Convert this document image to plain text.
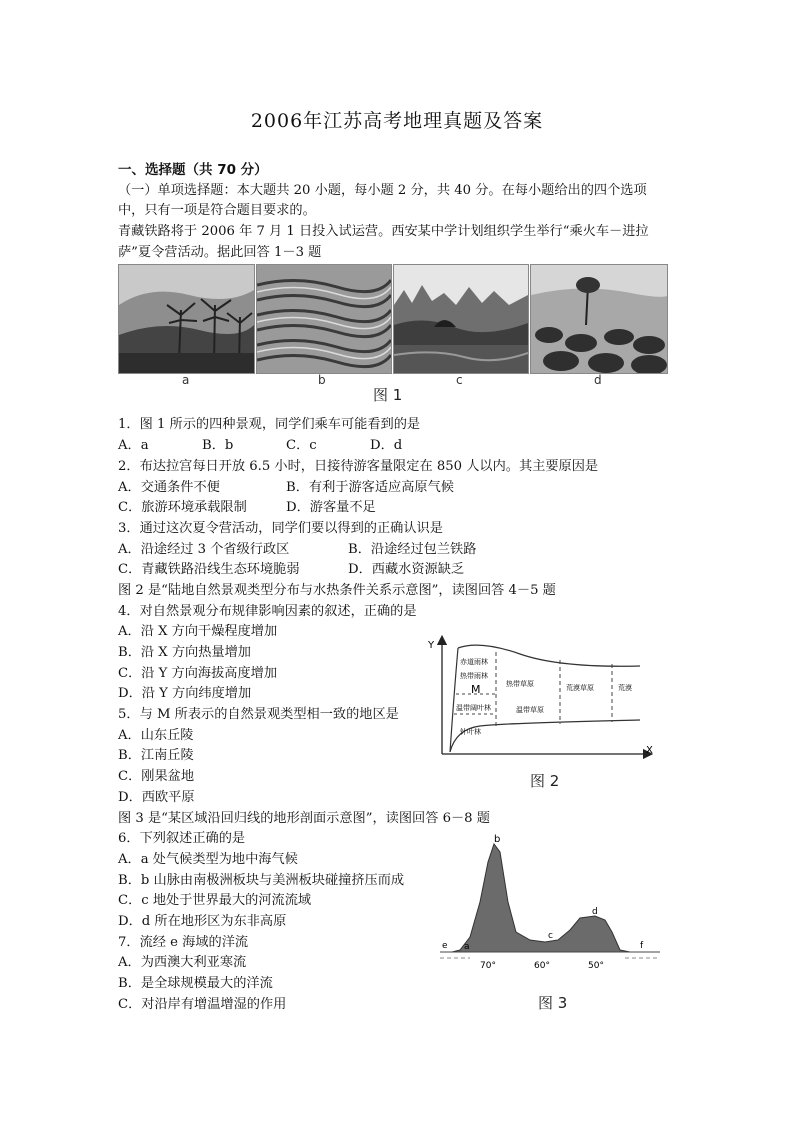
2006年江苏高考地理真题及答案
一、选择题（共 70 分）
（一）单项选择题：本大题共 20 小题，每小题 2 分，共 40 分。在每小题给出的四个选项
中，只有一项是符合题目要求的。
青藏铁路将于 2006 年 7 月 1 日投入试运营。西安某中学计划组织学生举行“乘火车－进拉
萨”夏令营活动。据此回答 1－3 题
1．图 1 所示的四种景观，同学们乘车可能看到的是
A．a	B．b	C．c	D．d
2．布达拉宫每日开放 6.5 小时，日接待游客量限定在 850 人以内。其主要原因是
A．交通条件不便	B．有利于游客适应高原气候
C．旅游环境承载限制	D．游客量不足
3．通过这次夏令营活动，同学们要以得到的正确认识是
A．沿途经过 3 个省级行政区	B．沿途经过包兰铁路
C．青藏铁路沿线生态环境脆弱	D．西藏水资源缺乏
图 2 是“陆地自然景观类型分布与水热条件关系示意图”，读图回答 4－5 题
4．对自然景观分布规律影响因素的叙述，正确的是
A．沿 X 方向干燥程度增加
B．沿 X 方向热量增加
C．沿 Y 方向海拔高度增加
D．沿 Y 方向纬度增加
5．与 M 所表示的自然景观类型相一致的地区是
A．山东丘陵
B．江南丘陵
C．刚果盆地
D．西欧平原
图 3 是“某区域沿回归线的地形剖面示意图”，读图回答 6－8 题
6．下列叙述正确的是
A．a 处气候类型为地中海气候
B．b 山脉由南极洲板块与美洲板块碰撞挤压而成
C．c 地处于世界最大的河流流域
D．d 所在地形区为东非高原
7．流经 e 海域的洋流
A．为西澳大利亚寒流
B．是全球规模最大的洋流
C．对沿岸有增温增湿的作用
a	b	c	d
图 1
Y
X
赤道雨林
热带雨林
M
温带阔叶林
针叶林
热带草原
温带草原
荒漠草原	荒漠
图 2
b
a
c
d
e	f
70°	60°	50°
图 3
